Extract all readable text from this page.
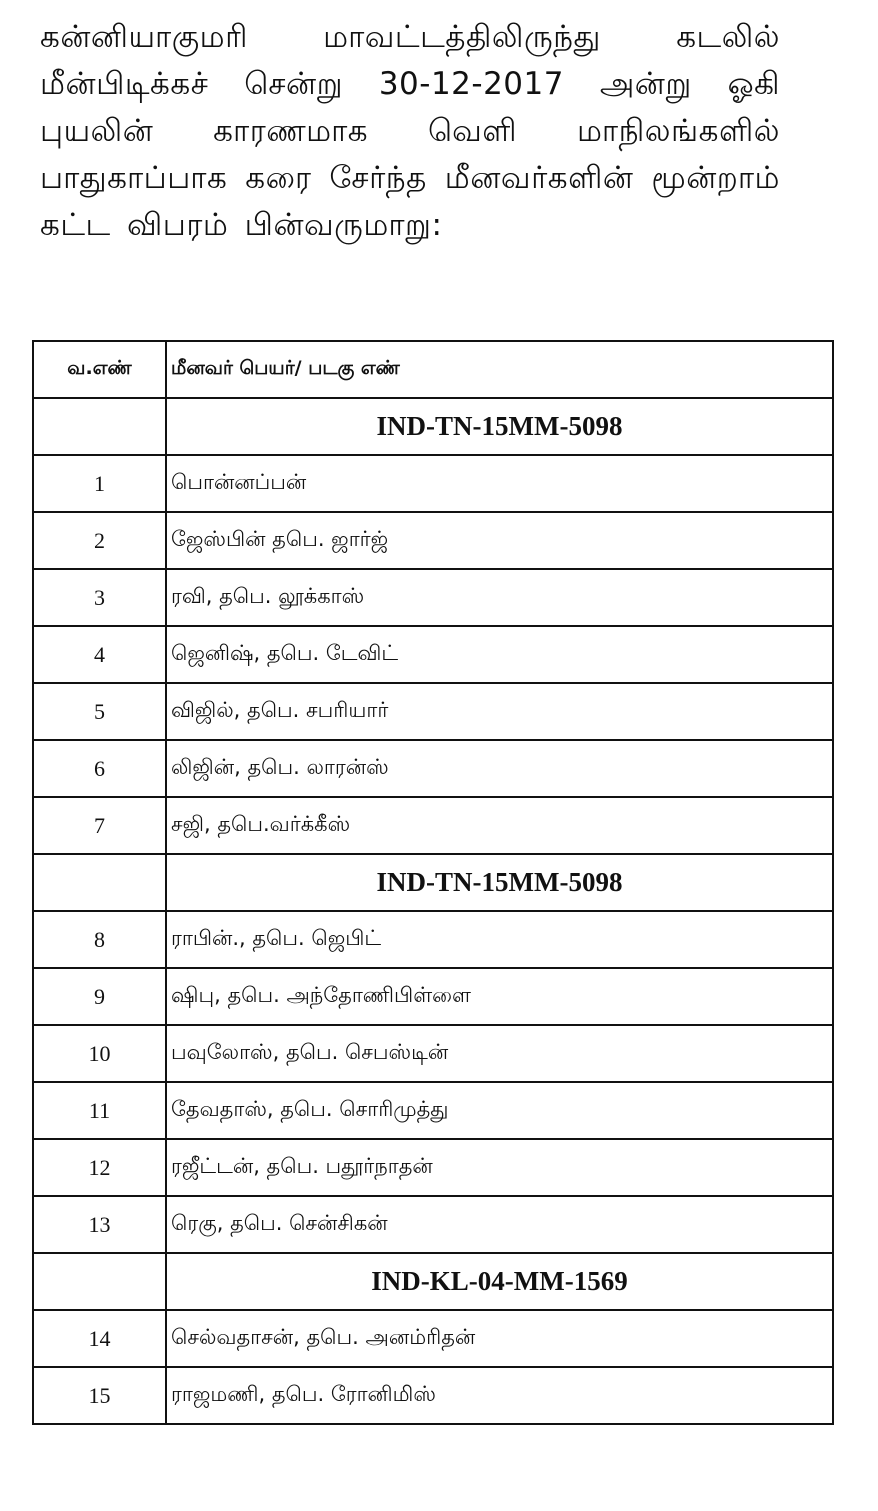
கன்னியாகுமரி மாவட்டத்திலிருந்து கடலில் மீன்பிடிக்கச் சென்று 30-12-2017 அன்று ஓகி புயலின் காரணமாக வெளி மாநிலங்களில் பாதுகாப்பாக கரை சேர்ந்த மீனவர்களின் மூன்றாம் கட்ட விபரம் பின்வருமாறு:
வ.எண்	மீனவர் பெயர்/ படகு எண்
	IND-TN-15MM-5098
1	பொன்னப்பன்
2	ஜேஸ்பின் தபெ. ஜார்ஜ்
3	ரவி, தபெ. லூக்காஸ்
4	ஜெனிஷ், தபெ. டேவிட்
5	விஜில், தபெ. சபரியார்
6	லிஜின், தபெ. லாரன்ஸ்
7	சஜி, தபெ.வர்க்கீஸ்
	IND-TN-15MM-5098
8	ராபின்., தபெ. ஜெபிட்
9	ஷிபு, தபெ. அந்தோணிபிள்ளை
10	பவுலோஸ், தபெ. செபஸ்டின்
11	தேவதாஸ், தபெ. சொரிமுத்து
12	ரஜீட்டன், தபெ. பதூர்நாதன்
13	ரெகு, தபெ. சென்சிகன்
	IND-KL-04-MM-1569
14	செல்வதாசன், தபெ. அனம்ரிதன்
15	ராஜமணி, தபெ. ரோனிமிஸ்
